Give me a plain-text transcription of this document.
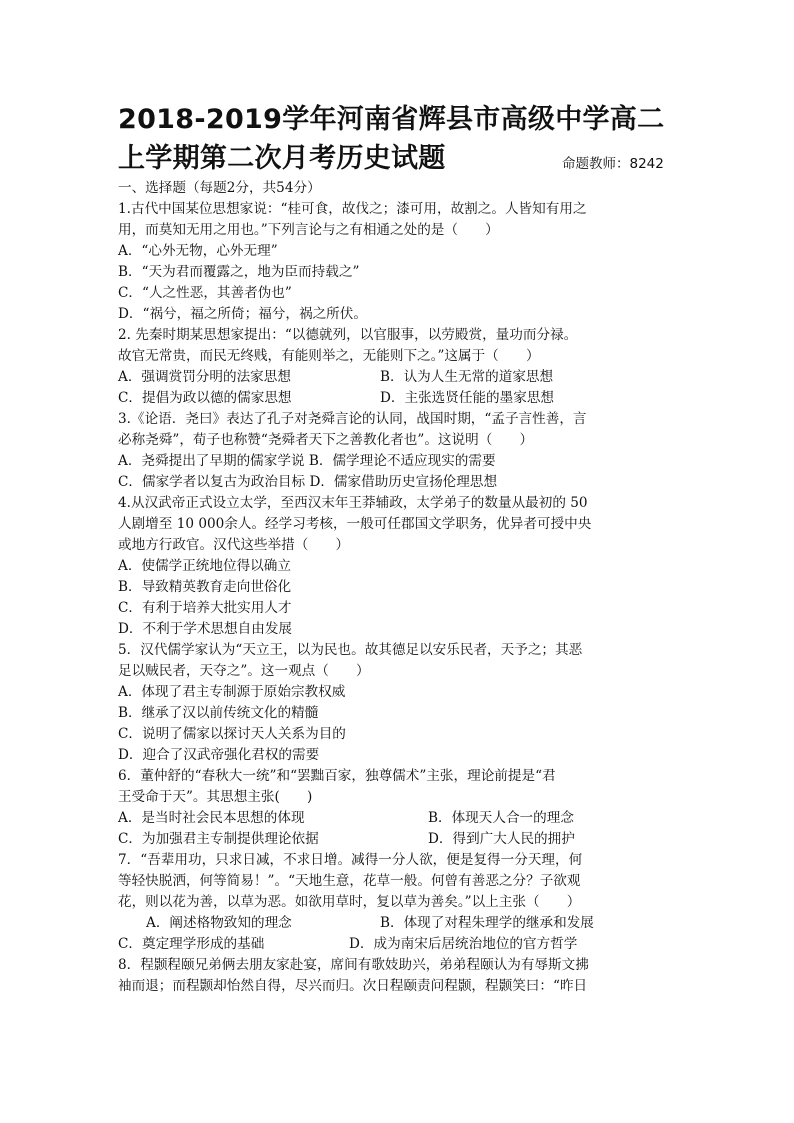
2018-2019学年河南省辉县市高级中学高二
上学期第二次月考历史试题	命题教师：8242
一、选择题（每题2分，共54分）
1.古代中国某位思想家说：“桂可食，故伐之；漆可用，故割之。人皆知有用之
用，而莫知无用之用也。”下列言论与之有相通之处的是（　　）
A．“心外无物，心外无理”
B．“天为君而覆露之，地为臣而持载之”
C．“人之性恶，其善者伪也”
D．“祸兮，福之所倚；福兮，祸之所伏。
2. 先秦时期某思想家提出：“以德就列，以官服事，以劳殿赏，量功而分禄。
故官无常贵，而民无终贱，有能则举之，无能则下之。”这属于（　　）
A．强调赏罚分明的法家思想	B．认为人生无常的道家思想
C．提倡为政以德的儒家思想	D．主张选贤任能的墨家思想
3.《论语．尧曰》表达了孔子对尧舜言论的认同，战国时期，“孟子言性善，言
必称尧舜”，荀子也称赞“尧舜者天下之善教化者也”。这说明（　　）
A．尧舜提出了早期的儒家学说 B．儒学理论不适应现实的需要
C．儒家学者以复古为政治目标 D．儒家借助历史宣扬伦理思想
4.从汉武帝正式设立太学，至西汉末年王莽辅政，太学弟子的数量从最初的 50
人剧增至 10 000余人。经学习考核，一般可任郡国文学职务，优异者可授中央
或地方行政官。汉代这些举措（　　）
A．使儒学正统地位得以确立
B．导致精英教育走向世俗化
C．有利于培养大批实用人才
D．不利于学术思想自由发展
5．汉代儒学家认为“天立王，以为民也。故其德足以安乐民者，天予之；其恶
足以贼民者，天夺之”。这一观点（　　）
A．体现了君主专制源于原始宗教权威
B．继承了汉以前传统文化的精髓
C．说明了儒家以探讨天人关系为目的
D．迎合了汉武帝强化君权的需要
6．董仲舒的“春秋大一统”和“罢黜百家，独尊儒术”主张，理论前提是“君
王受命于天”。其思想主张(　　)
A．是当时社会民本思想的体现	B．体现天人合一的理念
C．为加强君主专制提供理论依据	D．得到广大人民的拥护
7．“吾辈用功，只求日减，不求日增。减得一分人欲，便是复得一分天理，何
等轻快脱洒，何等简易！”。“天地生意，花草一般。何曾有善恶之分？子欲观
花，则以花为善，以草为恶。如欲用草时，复以草为善矣。”以上主张（　　）
A．阐述格物致知的理念	B．体现了对程朱理学的继承和发展
C．奠定理学形成的基础	D．成为南宋后居统治地位的官方哲学
8．程颢程颐兄弟俩去朋友家赴宴，席间有歌妓助兴，弟弟程颐认为有辱斯文拂
袖而退；而程颢却怡然自得，尽兴而归。次日程颐责问程颢，程颢笑曰：“昨日
